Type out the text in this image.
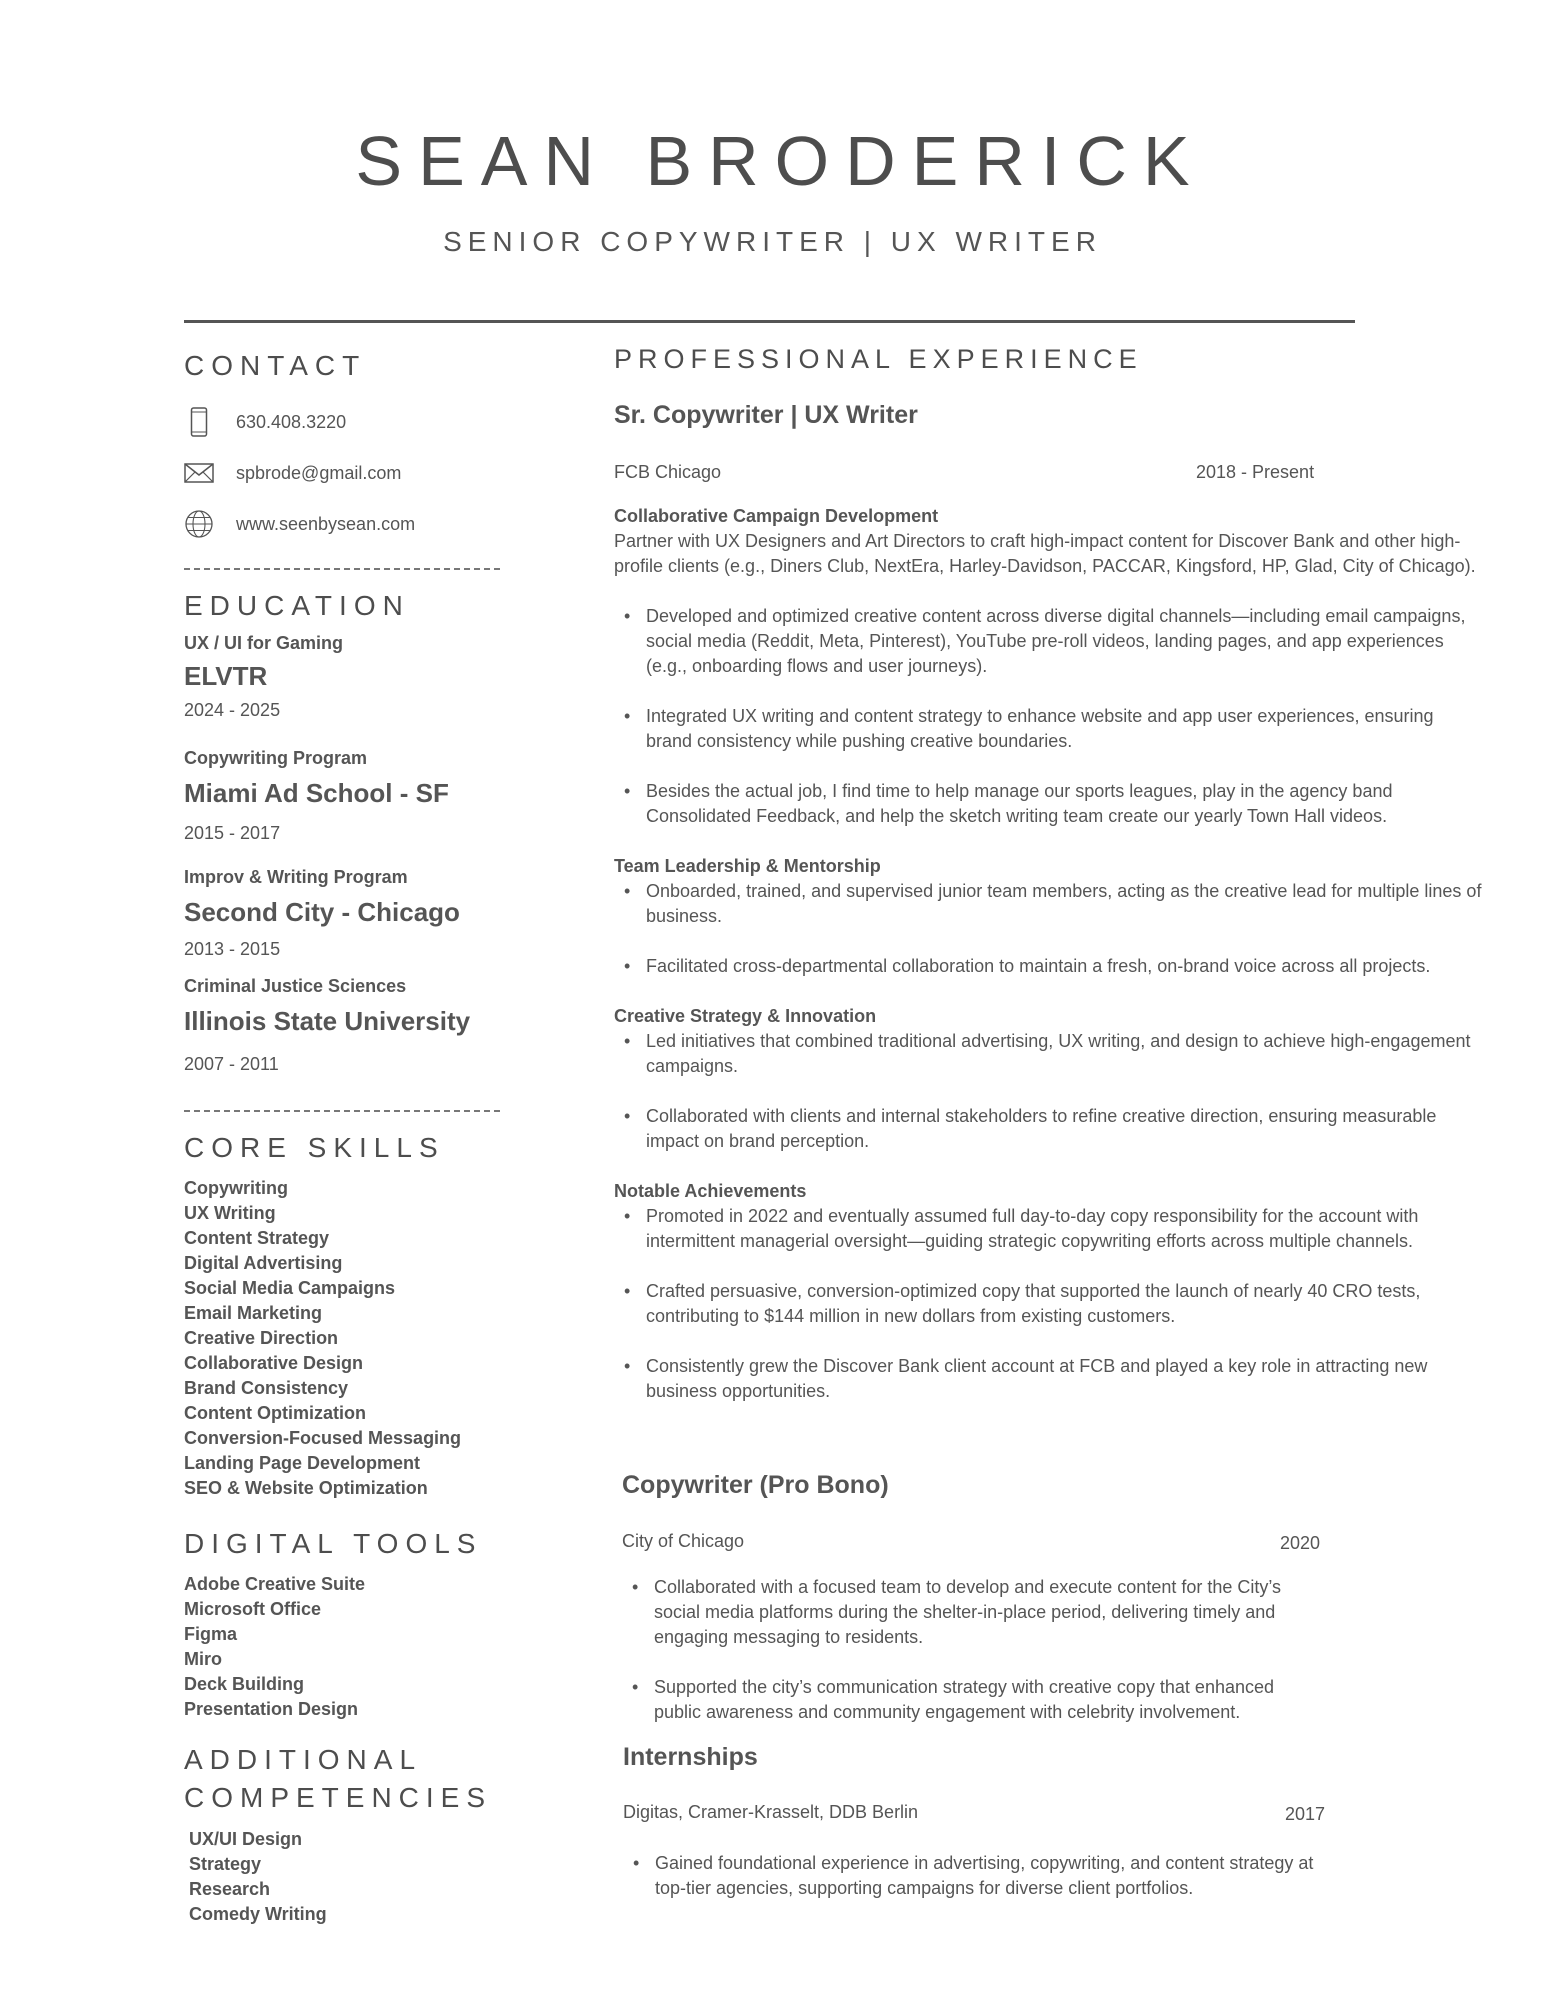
SEAN BRODERICK
SENIOR COPYWRITER | UX WRITER
CONTACT
630.408.3220
spbrode@gmail.com
www.seenbysean.com
EDUCATION
UX / UI for Gaming
ELVTR
2024 - 2025
Copywriting Program
Miami Ad School - SF
2015 - 2017
Improv & Writing Program
Second City - Chicago
2013 - 2015
Criminal Justice Sciences
Illinois State University
2007 - 2011
CORE SKILLS
Copywriting
UX Writing
Content Strategy
Digital Advertising
Social Media Campaigns
Email Marketing
Creative Direction
Collaborative Design
Brand Consistency
Content Optimization
Conversion-Focused Messaging
Landing Page Development
SEO & Website Optimization
DIGITAL TOOLS
Adobe Creative Suite
Microsoft Office
Figma
Miro
Deck Building
Presentation Design
ADDITIONAL
COMPETENCIES
UX/UI Design
Strategy
Research
Comedy Writing
PROFESSIONAL EXPERIENCE
Sr. Copywriter | UX Writer
FCB Chicago	2018 - Present
Collaborative Campaign Development
Partner with UX Designers and Art Directors to craft high-impact content for Discover Bank and other high-profile clients (e.g., Diners Club, NextEra, Harley-Davidson, PACCAR, Kingsford, HP, Glad, City of Chicago).
• Developed and optimized creative content across diverse digital channels—including email campaigns, social media (Reddit, Meta, Pinterest), YouTube pre-roll videos, landing pages, and app experiences (e.g., onboarding flows and user journeys).
• Integrated UX writing and content strategy to enhance website and app user experiences, ensuring brand consistency while pushing creative boundaries.
• Besides the actual job, I find time to help manage our sports leagues, play in the agency band Consolidated Feedback, and help the sketch writing team create our yearly Town Hall videos.
Team Leadership & Mentorship
• Onboarded, trained, and supervised junior team members, acting as the creative lead for multiple lines of business.
• Facilitated cross-departmental collaboration to maintain a fresh, on-brand voice across all projects.
Creative Strategy & Innovation
• Led initiatives that combined traditional advertising, UX writing, and design to achieve high-engagement campaigns.
• Collaborated with clients and internal stakeholders to refine creative direction, ensuring measurable impact on brand perception.
Notable Achievements
• Promoted in 2022 and eventually assumed full day-to-day copy responsibility for the account with intermittent managerial oversight—guiding strategic copywriting efforts across multiple channels.
• Crafted persuasive, conversion-optimized copy that supported the launch of nearly 40 CRO tests, contributing to $144 million in new dollars from existing customers.
• Consistently grew the Discover Bank client account at FCB and played a key role in attracting new business opportunities.
Copywriter (Pro Bono)
City of Chicago	2020
• Collaborated with a focused team to develop and execute content for the City’s social media platforms during the shelter-in-place period, delivering timely and engaging messaging to residents.
• Supported the city’s communication strategy with creative copy that enhanced public awareness and community engagement with celebrity involvement.
Internships
Digitas, Cramer-Krasselt, DDB Berlin	2017
• Gained foundational experience in advertising, copywriting, and content strategy at top-tier agencies, supporting campaigns for diverse client portfolios.
